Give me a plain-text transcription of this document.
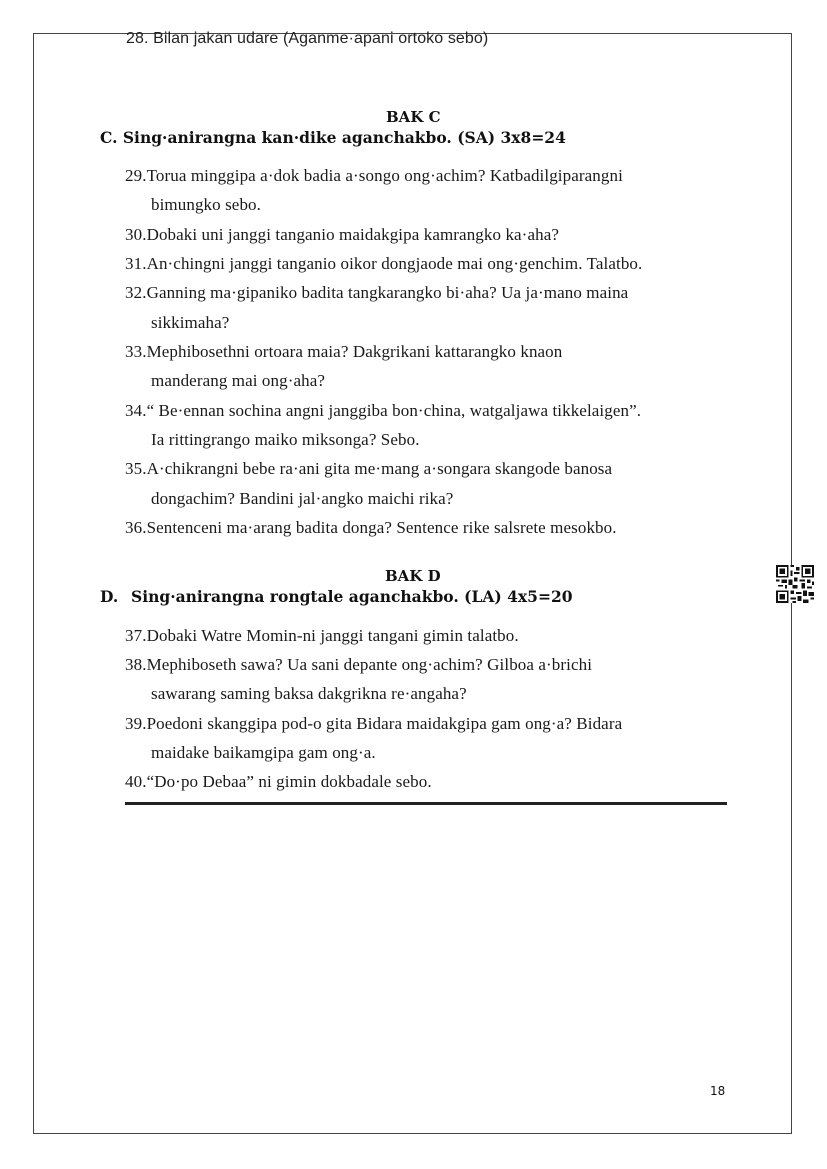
28. Bilan jakan udare (Aganme·apani ortoko sebo)
BAK C
C. Sing·anirangna kan·dike aganchakbo. (SA) 3x8=24
29.Torua minggipa a·dok badia a·songo ong·achim? Katbadilgiparangni
bimungko sebo.
30.Dobaki uni janggi tanganio maidakgipa kamrangko ka·aha?
31.An·chingni janggi tanganio oikor dongjaode mai ong·genchim. Talatbo.
32.Ganning ma·gipaniko badita tangkarangko bi·aha? Ua ja·mano maina
sikkimaha?
33.Mephibosethni ortoara maia? Dakgrikani kattarangko knaon
manderang mai ong·aha?
34.“ Be·ennan sochina angni janggiba bon·china, watgaljawa tikkelaigen”.
Ia rittingrango maiko miksonga? Sebo.
35.A·chikrangni bebe ra·ani gita me·mang a·songara skangode banosa
dongachim? Bandini jal·angko maichi rika?
36.Sentenceni ma·arang badita donga? Sentence rike salsrete mesokbo.
BAK D
D. Sing·anirangna rongtale aganchakbo. (LA) 4x5=20
37.Dobaki Watre Momin-ni janggi tangani gimin talatbo.
38.Mephiboseth sawa? Ua sani depante ong·achim? Gilboa a·brichi
sawarang saming baksa dakgrikna re·angaha?
39.Poedoni skanggipa pod-o gita Bidara maidakgipa gam ong·a? Bidara
maidake baikamgipa gam ong·a.
40.“Do·po Debaa” ni gimin dokbadale sebo.
18
